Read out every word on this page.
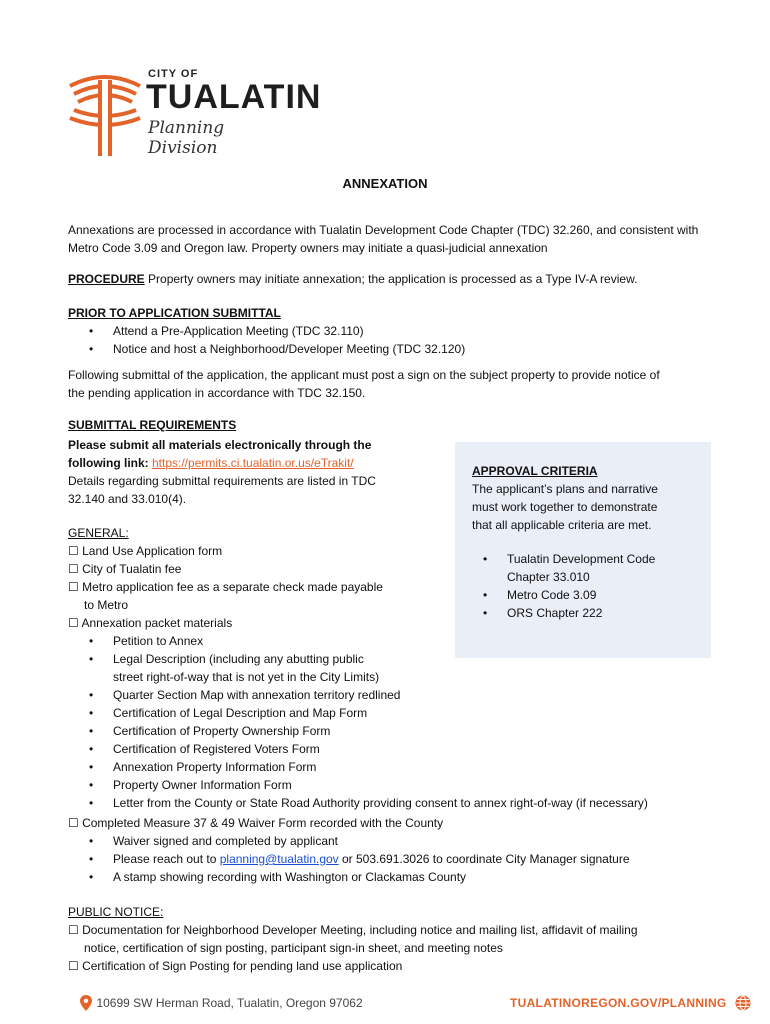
CITY OF
TUALATIN
Planning Division
ANNEXATION
Annexations are processed in accordance with Tualatin Development Code Chapter (TDC) 32.260, and consistent with
Metro Code 3.09 and Oregon law. Property owners may initiate a quasi-judicial annexation
PROCEDURE Property owners may initiate annexation; the application is processed as a Type IV-A review.
PRIOR TO APPLICATION SUBMITTAL
• Attend a Pre-Application Meeting (TDC 32.110)
• Notice and host a Neighborhood/Developer Meeting (TDC 32.120)
Following submittal of the application, the applicant must post a sign on the subject property to provide notice of
the pending application in accordance with TDC 32.150.
SUBMITTAL REQUIREMENTS
Please submit all materials electronically through the
following link: https://permits.ci.tualatin.or.us/eTrakit/
Details regarding submittal requirements are listed in TDC
32.140 and 33.010(4).
APPROVAL CRITERIA
The applicant’s plans and narrative
must work together to demonstrate
that all applicable criteria are met.
• Tualatin Development Code
Chapter 33.010
• Metro Code 3.09
• ORS Chapter 222
GENERAL:
☐ Land Use Application form
☐ City of Tualatin fee
☐ Metro application fee as a separate check made payable
to Metro
☐ Annexation packet materials
• Petition to Annex
• Legal Description (including any abutting public
street right-of-way that is not yet in the City Limits)
• Quarter Section Map with annexation territory redlined
• Certification of Legal Description and Map Form
• Certification of Property Ownership Form
• Certification of Registered Voters Form
• Annexation Property Information Form
• Property Owner Information Form
• Letter from the County or State Road Authority providing consent to annex right-of-way (if necessary)
☐ Completed Measure 37 & 49 Waiver Form recorded with the County
• Waiver signed and completed by applicant
• Please reach out to planning@tualatin.gov or 503.691.3026 to coordinate City Manager signature
• A stamp showing recording with Washington or Clackamas County
PUBLIC NOTICE:
☐ Documentation for Neighborhood Developer Meeting, including notice and mailing list, affidavit of mailing
notice, certification of sign posting, participant sign-in sheet, and meeting notes
☐ Certification of Sign Posting for pending land use application
10699 SW Herman Road, Tualatin, Oregon 97062	TUALATINOREGON.GOV/PLANNING
